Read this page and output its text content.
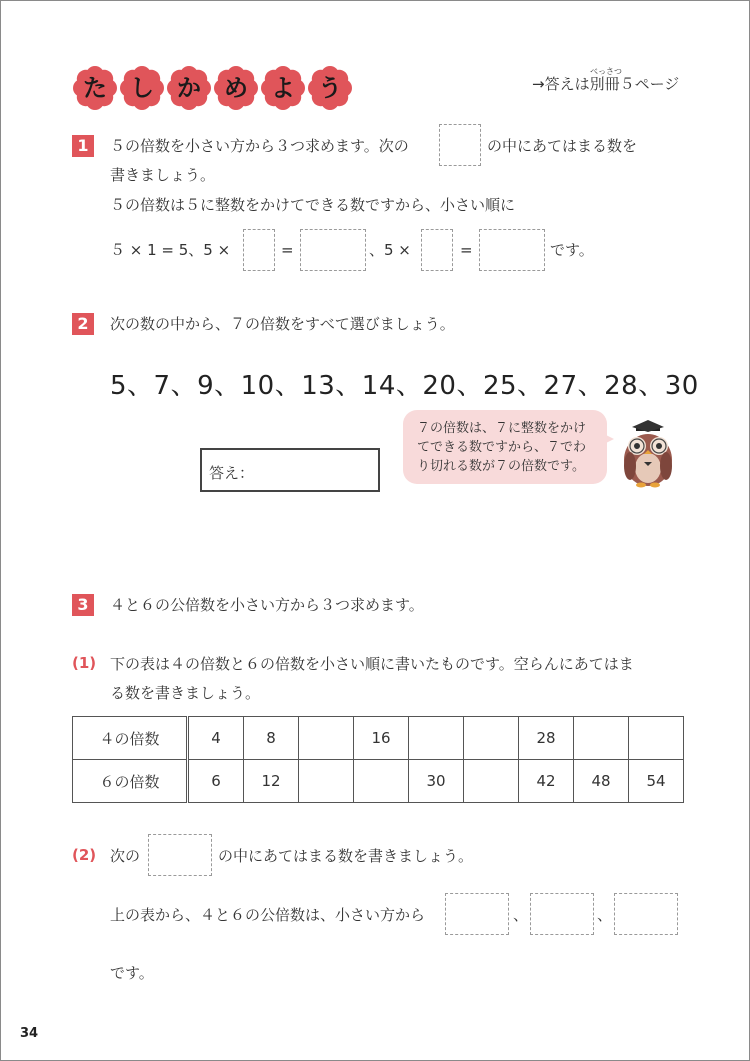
た し か め よ う	→答えは別冊５ページ
べっさつ
1	５の倍数を小さい方から３つ求めます。次の	の中にあてはまる数を
書きましょう。
５の倍数は５に整数をかけてできる数ですから、小さい順に
５ × 1 = 5、5 ×	=	、5 ×	=	です。
2	次の数の中から、７の倍数をすべて選びましょう。
5、7、9、10、13、14、20、25、27、28、30
答え：
７の倍数は、７に整数をかけ
てできる数ですから、７でわ
り切れる数が７の倍数です。
3	４と６の公倍数を小さい方から３つ求めます。
(1) 下の表は４の倍数と６の倍数を小さい順に書いたものです。空らんにあてはま
る数を書きましょう。
４の倍数	4	8		16			28		
６の倍数	6	12			30		42	48	54
(2) 次の	の中にあてはまる数を書きましょう。
上の表から、４と６の公倍数は、小さい方から	、	、
です。
34
